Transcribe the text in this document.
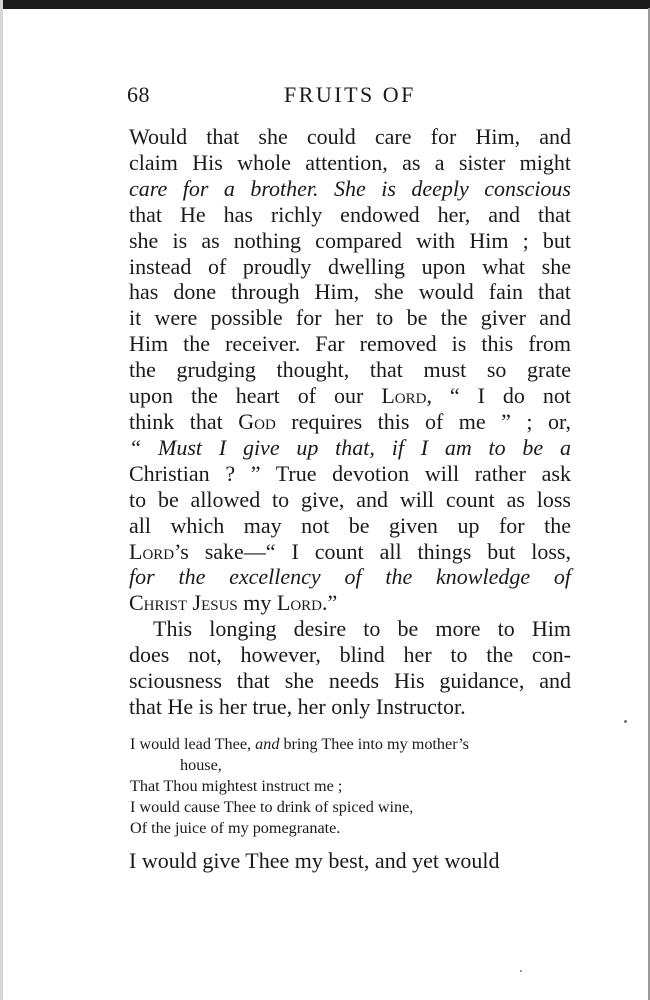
68	FRUITS OF
Would that she could care for Him, and
claim His whole attention, as a sister might
care for a brother. She is deeply conscious
that He has richly endowed her, and that
she is as nothing compared with Him ; but
instead of proudly dwelling upon what she
has done through Him, she would fain that
it were possible for her to be the giver and
Him the receiver. Far removed is this from
the grudging thought, that must so grate
upon the heart of our Lord, “ I do not
think that God requires this of me ” ; or,
“ Must I give up that, if I am to be a
Christian ? ” True devotion will rather ask
to be allowed to give, and will count as loss
all which may not be given up for the
Lord’s sake—“ I count all things but loss,
for the excellency of the knowledge of
Christ Jesus my Lord.”
This longing desire to be more to Him
does not, however, blind her to the con-
sciousness that she needs His guidance, and
that He is her true, her only Instructor.
I would lead Thee, and bring Thee into my mother’s
house,
That Thou mightest instruct me ;
I would cause Thee to drink of spiced wine,
Of the juice of my pomegranate.
I would give Thee my best, and yet would
